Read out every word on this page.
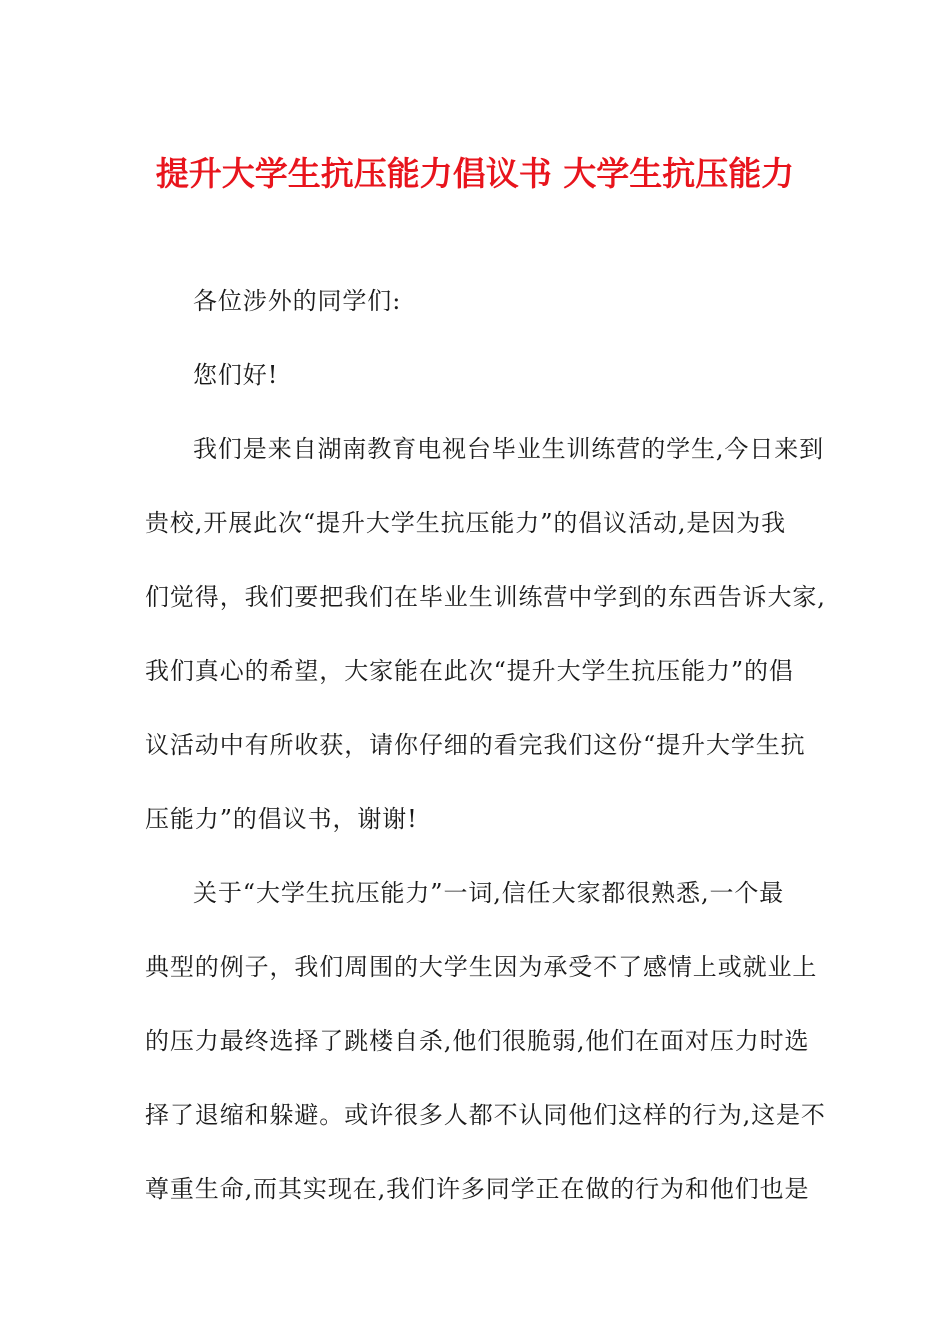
提升大学生抗压能力倡议书 大学生抗压能力
各位涉外的同学们:
您们好!
我们是来自湖南教育电视台毕业生训练营的学生,今日来到
贵校,开展此次“提升大学生抗压能力”的倡议活动,是因为我
们觉得，我们要把我们在毕业生训练营中学到的东西告诉大家,
我们真心的希望，大家能在此次“提升大学生抗压能力”的倡
议活动中有所收获，请你仔细的看完我们这份“提升大学生抗
压能力”的倡议书，谢谢!
关于“大学生抗压能力”一词,信任大家都很熟悉,一个最
典型的例子，我们周围的大学生因为承受不了感情上或就业上
的压力最终选择了跳楼自杀,他们很脆弱,他们在面对压力时选
择了退缩和躲避。或许很多人都不认同他们这样的行为,这是不
尊重生命,而其实现在,我们许多同学正在做的行为和他们也是
